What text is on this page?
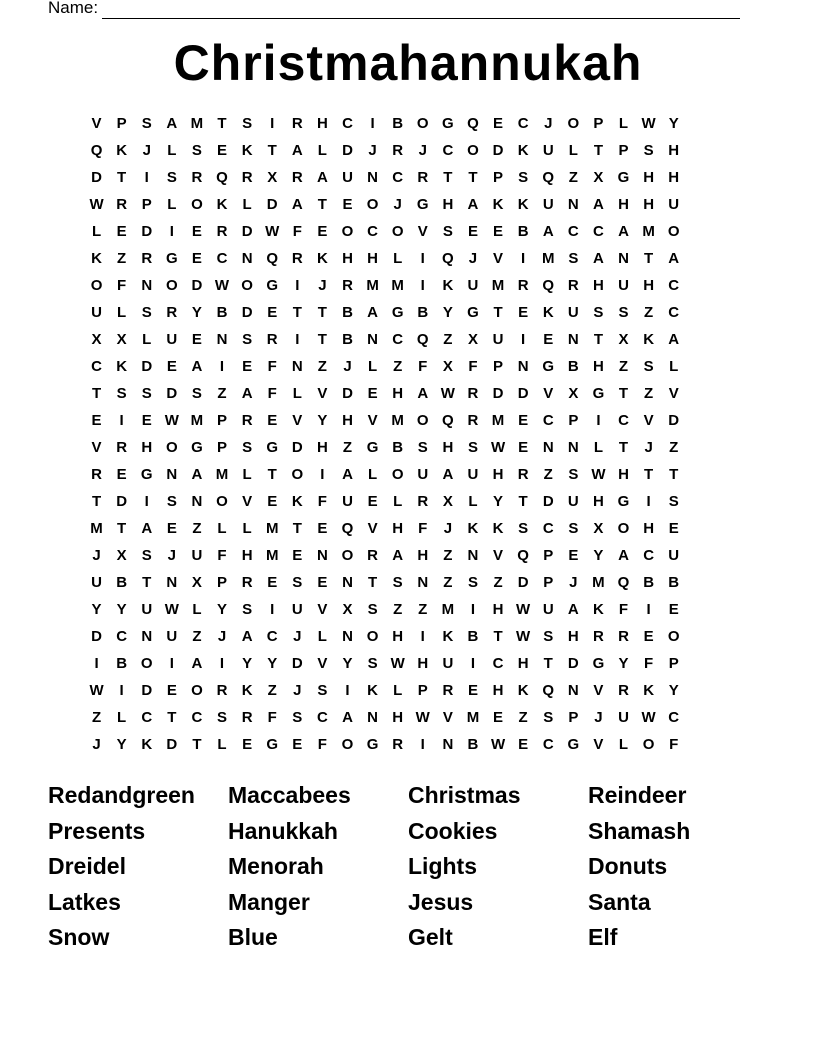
Name:
Christmahannukah
V	P	S A M T	S	I	R H C	I	B O G Q E C	J	O P	L W Y
Q K	J	L	S	E K	T	A	L	D	J	R	J	C O D K U	L	T	P	S H
D	T	I	S R Q R X R A U N C R	T	T	P	S Q Z	X G H H
W R P	L O K	L	D A	T	E O	J	G H A K K U N A H H U
L	E D	I	E R D W F	E O C O V	S	E	E B A C C A M O
K	Z	R G E C N Q R K H H	L	I	Q	J	V	I	M S A N	T	A
O F	N O D W O G	I	J	R M M	I	K U M R Q R H U H C
U	L	S R Y B D E	T	T	B A G B Y G T	E K U S	S	Z	C
X	X	L	U E N S R	I	T	B N C Q Z	X U	I	E N	T	X K A
C K D E A	I	E	F	N	Z	J	L	Z	F	X	F	P N G B H	Z	S	L
T	S	S D S	Z	A	F	L	V D E H A W R D D V	X G T	Z	V
E	I	E W M P R E	V	Y H V M O Q R M E C P	I	C V D
V R H O G P	S G D H	Z G B S H S W E N N	L	T	J	Z
R E G N A M L	T O	I	A	L O U A U H R	Z	S W H	T	T
T	D	I	S N O V	E K	F	U E	L	R X	L	Y	T	D U H G	I	S
M T	A E	Z	L	L M T	E Q V H	F	J	K K S C S	X O H E
J	X	S	J	U	F	H M E N O R A H	Z	N V Q P	E	Y A C U
U B	T	N X	P R E	S	E N	T	S N	Z	S	Z	D P	J M Q B B
Y	Y U W L	Y	S	I	U V	X	S	Z	Z M	I	H W U A K	F	I	E
D C N U	Z	J	A C	J	L	N O H	I	K B	T W S H R R E O
I	B O	I	A	I	Y	Y D V	Y	S W H U	I	C H	T	D G Y	F	P
W	I	D E O R K	Z	J	S	I	K	L	P R E H K Q N V R K Y
Z	L	C	T	C S R	F	S C A N H W V M E	Z	S	P	J	U W C
J	Y K D	T	L	E G E	F O G R	I	N B W E C G V	L O F
Redandgreen	Maccabees	Christmas	Reindeer
Presents	Hanukkah	Cookies	Shamash
Dreidel	Menorah	Lights	Donuts
Latkes	Manger	Jesus	Santa
Snow	Blue	Gelt	Elf
